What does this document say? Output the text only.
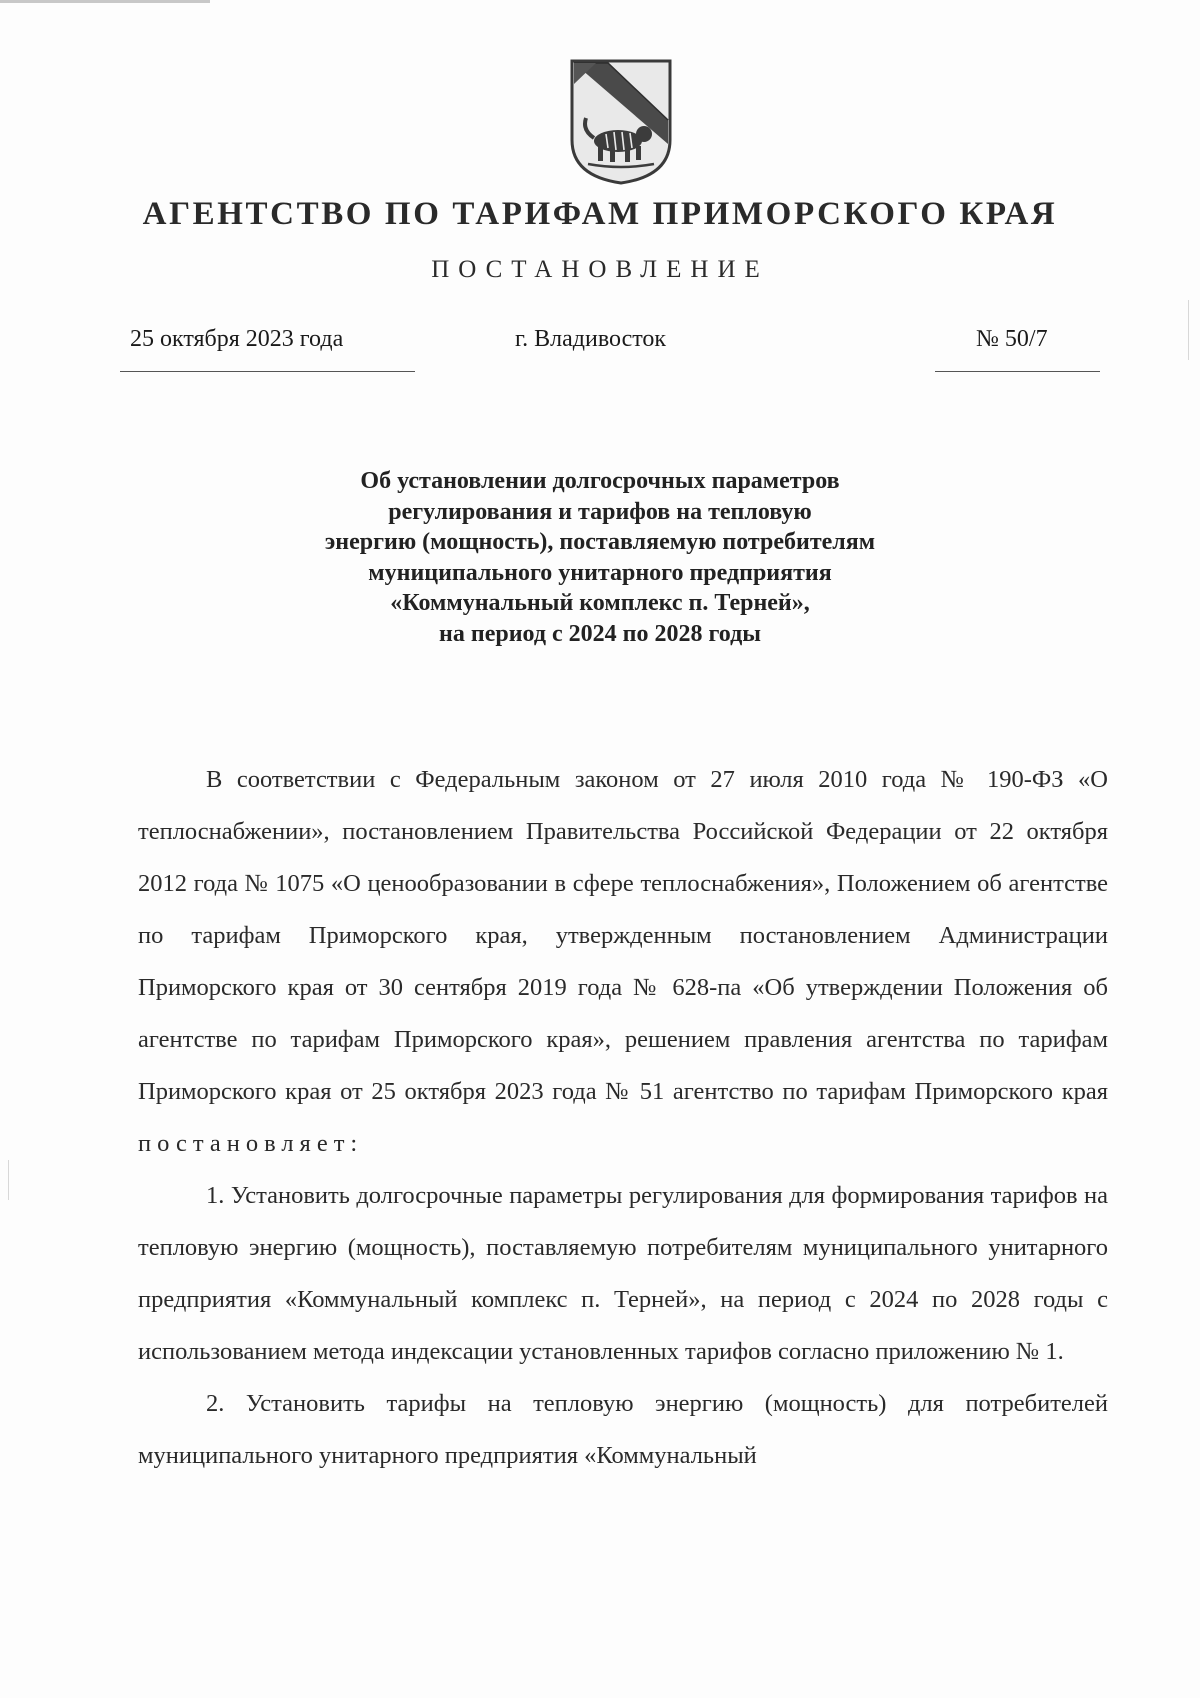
АГЕНТСТВО ПО ТАРИФАМ ПРИМОРСКОГО КРАЯ
ПОСТАНОВЛЕНИЕ
25 октября 2023 года	г. Владивосток	№ 50/7
Об установлении долгосрочных параметров
регулирования и тарифов на тепловую
энергию (мощность), поставляемую потребителям
муниципального унитарного предприятия
«Коммунальный комплекс п. Терней»,
на период с 2024 по 2028 годы

В соответствии с Федеральным законом от 27 июля 2010 года № 190-ФЗ «О теплоснабжении», постановлением Правительства Российской Федерации от 22 октября 2012 года № 1075 «О ценообразовании в сфере теплоснабжения», Положением об агентстве по тарифам Приморского края, утвержденным постановлением Администрации Приморского края от 30 сентября 2019 года № 628-па «Об утверждении Положения об агентстве по тарифам Приморского края», решением правления агентства по тарифам Приморского края от 25 октября 2023 года № 51 агентство по тарифам Приморского края постановляет:

1. Установить долгосрочные параметры регулирования для формирования тарифов на тепловую энергию (мощность), поставляемую потребителям муниципального унитарного предприятия «Коммунальный комплекс п. Терней», на период с 2024 по 2028 годы с использованием метода индексации установленных тарифов согласно приложению № 1.

2. Установить тарифы на тепловую энергию (мощность) для потребителей муниципального унитарного предприятия «Коммунальный
